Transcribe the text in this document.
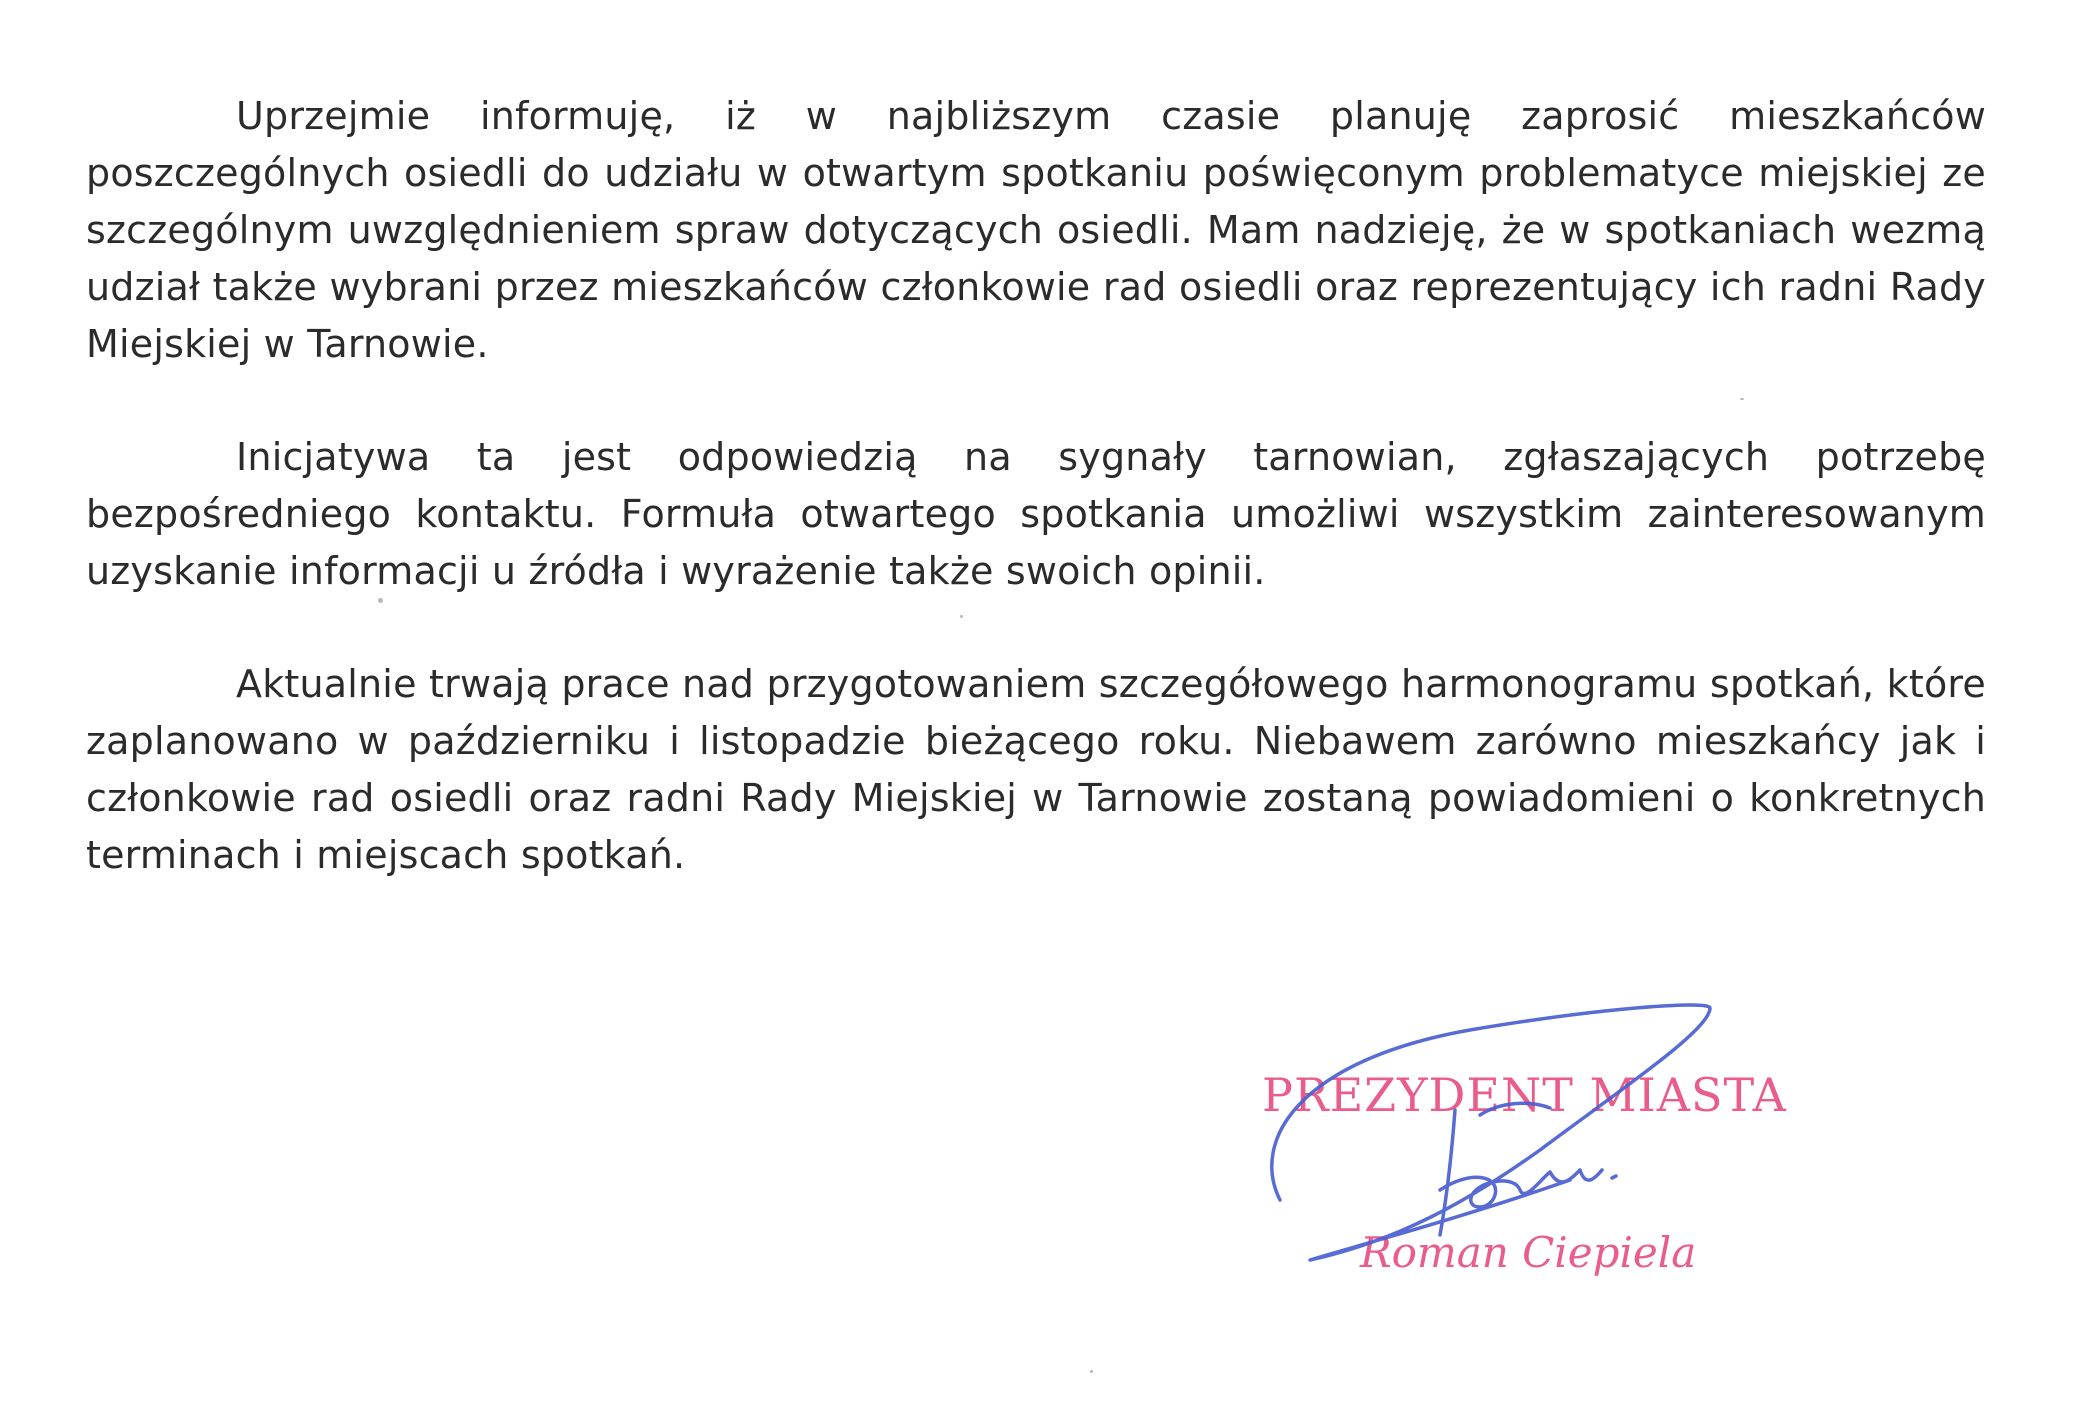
Uprzejmie informuję, iż w najbliższym czasie planuję zaprosić mieszkańców poszczególnych osiedli do udziału w otwartym spotkaniu poświęconym problematyce miejskiej ze szczególnym uwzględnieniem spraw dotyczących osiedli. Mam nadzieję, że w spotkaniach wezmą udział także wybrani przez mieszkańców członkowie rad osiedli oraz reprezentujący ich radni Rady Miejskiej w Tarnowie.

Inicjatywa ta jest odpowiedzią na sygnały tarnowian, zgłaszających potrzebę bezpośredniego kontaktu. Formuła otwartego spotkania umożliwi wszystkim zainteresowanym uzyskanie informacji u źródła i wyrażenie także swoich opinii.

Aktualnie trwają prace nad przygotowaniem szczegółowego harmonogramu spotkań, które zaplanowano w październiku i listopadzie bieżącego roku. Niebawem zarówno mieszkańcy jak i członkowie rad osiedli oraz radni Rady Miejskiej w Tarnowie zostaną powiadomieni o konkretnych terminach i miejscach spotkań.

PREZYDENT MIASTA
Roman Ciepiela
